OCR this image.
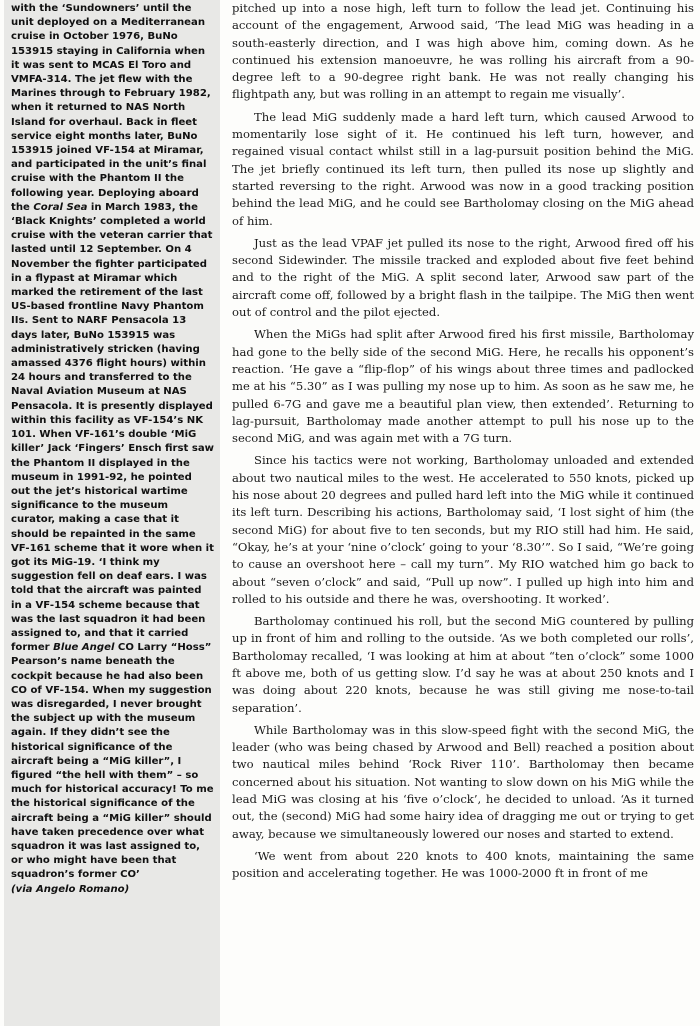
with the ‘Sundowners’ until the unit deployed on a Mediterranean cruise in October 1976, BuNo 153915 staying in California when it was sent to MCAS El Toro and VMFA-314. The jet flew with the Marines through to February 1982, when it returned to NAS North Island for overhaul. Back in fleet service eight months later, BuNo 153915 joined VF-154 at Miramar, and participated in the unit’s final cruise with the Phantom II the following year. Deploying aboard the Coral Sea in March 1983, the ‘Black Knights’ completed a world cruise with the veteran carrier that lasted until 12 September. On 4 November the fighter participated in a flypast at Miramar which marked the retirement of the last US-based frontline Navy Phantom IIs. Sent to NARF Pensacola 13 days later, BuNo 153915 was administratively stricken (having amassed 4376 flight hours) within 24 hours and transferred to the Naval Aviation Museum at NAS Pensacola. It is presently displayed within this facility as VF-154’s NK 101. When VF-161’s double ‘MiG killer’ Jack ‘Fingers’ Ensch first saw the Phantom II displayed in the museum in 1991-92, he pointed out the jet’s historical wartime significance to the museum curator, making a case that it should be repainted in the same VF-161 scheme that it wore when it got its MiG-19. ‘I think my suggestion fell on deaf ears. I was told that the aircraft was painted in a VF-154 scheme because that was the last squadron it had been assigned to, and that it carried former Blue Angel CO Larry “Hoss” Pearson’s name beneath the cockpit because he had also been CO of VF-154. When my suggestion was disregarded, I never brought the subject up with the museum again. If they didn’t see the historical significance of the aircraft being a “MiG killer”, I figured “the hell with them” – so much for historical accuracy! To me the historical significance of the aircraft being a “MiG killer” should have taken precedence over what squadron it was last assigned to, or who might have been that squadron’s former CO’

(via Angelo Romano)

pitched up into a nose high, left turn to follow the lead jet. Continuing his account of the engagement, Arwood said, ‘The lead MiG was heading in a south-easterly direction, and I was high above him, coming down. As he continued his extension manoeuvre, he was rolling his aircraft from a 90-degree left to a 90-degree right bank. He was not really changing his flightpath any, but was rolling in an attempt to regain me visually’.

The lead MiG suddenly made a hard left turn, which caused Arwood to momentarily lose sight of it. He continued his left turn, however, and regained visual contact whilst still in a lag-pursuit position behind the MiG. The jet briefly continued its left turn, then pulled its nose up slightly and started reversing to the right. Arwood was now in a good tracking position behind the lead MiG, and he could see Bartholomay closing on the MiG ahead of him.

Just as the lead VPAF jet pulled its nose to the right, Arwood fired off his second Sidewinder. The missile tracked and exploded about five feet behind and to the right of the MiG. A split second later, Arwood saw part of the aircraft come off, followed by a bright flash in the tailpipe. The MiG then went out of control and the pilot ejected.

When the MiGs had split after Arwood fired his first missile, Bartholomay had gone to the belly side of the second MiG. Here, he recalls his opponent’s reaction. ‘He gave a “flip-flop” of his wings about three times and padlocked me at his “5.30” as I was pulling my nose up to him. As soon as he saw me, he pulled 6-7G and gave me a beautiful plan view, then extended’. Returning to lag-pursuit, Bartholomay made another attempt to pull his nose up to the second MiG, and was again met with a 7G turn.

Since his tactics were not working, Bartholomay unloaded and extended about two nautical miles to the west. He accelerated to 550 knots, picked up his nose about 20 degrees and pulled hard left into the MiG while it continued its left turn. Describing his actions, Bartholomay said, ‘I lost sight of him (the second MiG) for about five to ten seconds, but my RIO still had him. He said, “Okay, he’s at your ‘nine o’clock’ going to your ‘8.30’”. So I said, “We’re going to cause an overshoot here – call my turn”. My RIO watched him go back to about “seven o’clock” and said, “Pull up now”. I pulled up high into him and rolled to his outside and there he was, overshooting. It worked’.

Bartholomay continued his roll, but the second MiG countered by pulling up in front of him and rolling to the outside. ‘As we both completed our rolls’, Bartholomay recalled, ‘I was looking at him at about “ten o’clock” some 1000 ft above me, both of us getting slow. I’d say he was at about 250 knots and I was doing about 220 knots, because he was still giving me nose-to-tail separation’.

While Bartholomay was in this slow-speed fight with the second MiG, the leader (who was being chased by Arwood and Bell) reached a position about two nautical miles behind ‘Rock River 110’. Bartholomay then became concerned about his situation. Not wanting to slow down on his MiG while the lead MiG was closing at his ‘five o’clock’, he decided to unload. ‘As it turned out, the (second) MiG had some hairy idea of dragging me out or trying to get away, because we simultaneously lowered our noses and started to extend.

‘We went from about 220 knots to 400 knots, maintaining the same position and accelerating together. He was 1000-2000 ft in front of me
